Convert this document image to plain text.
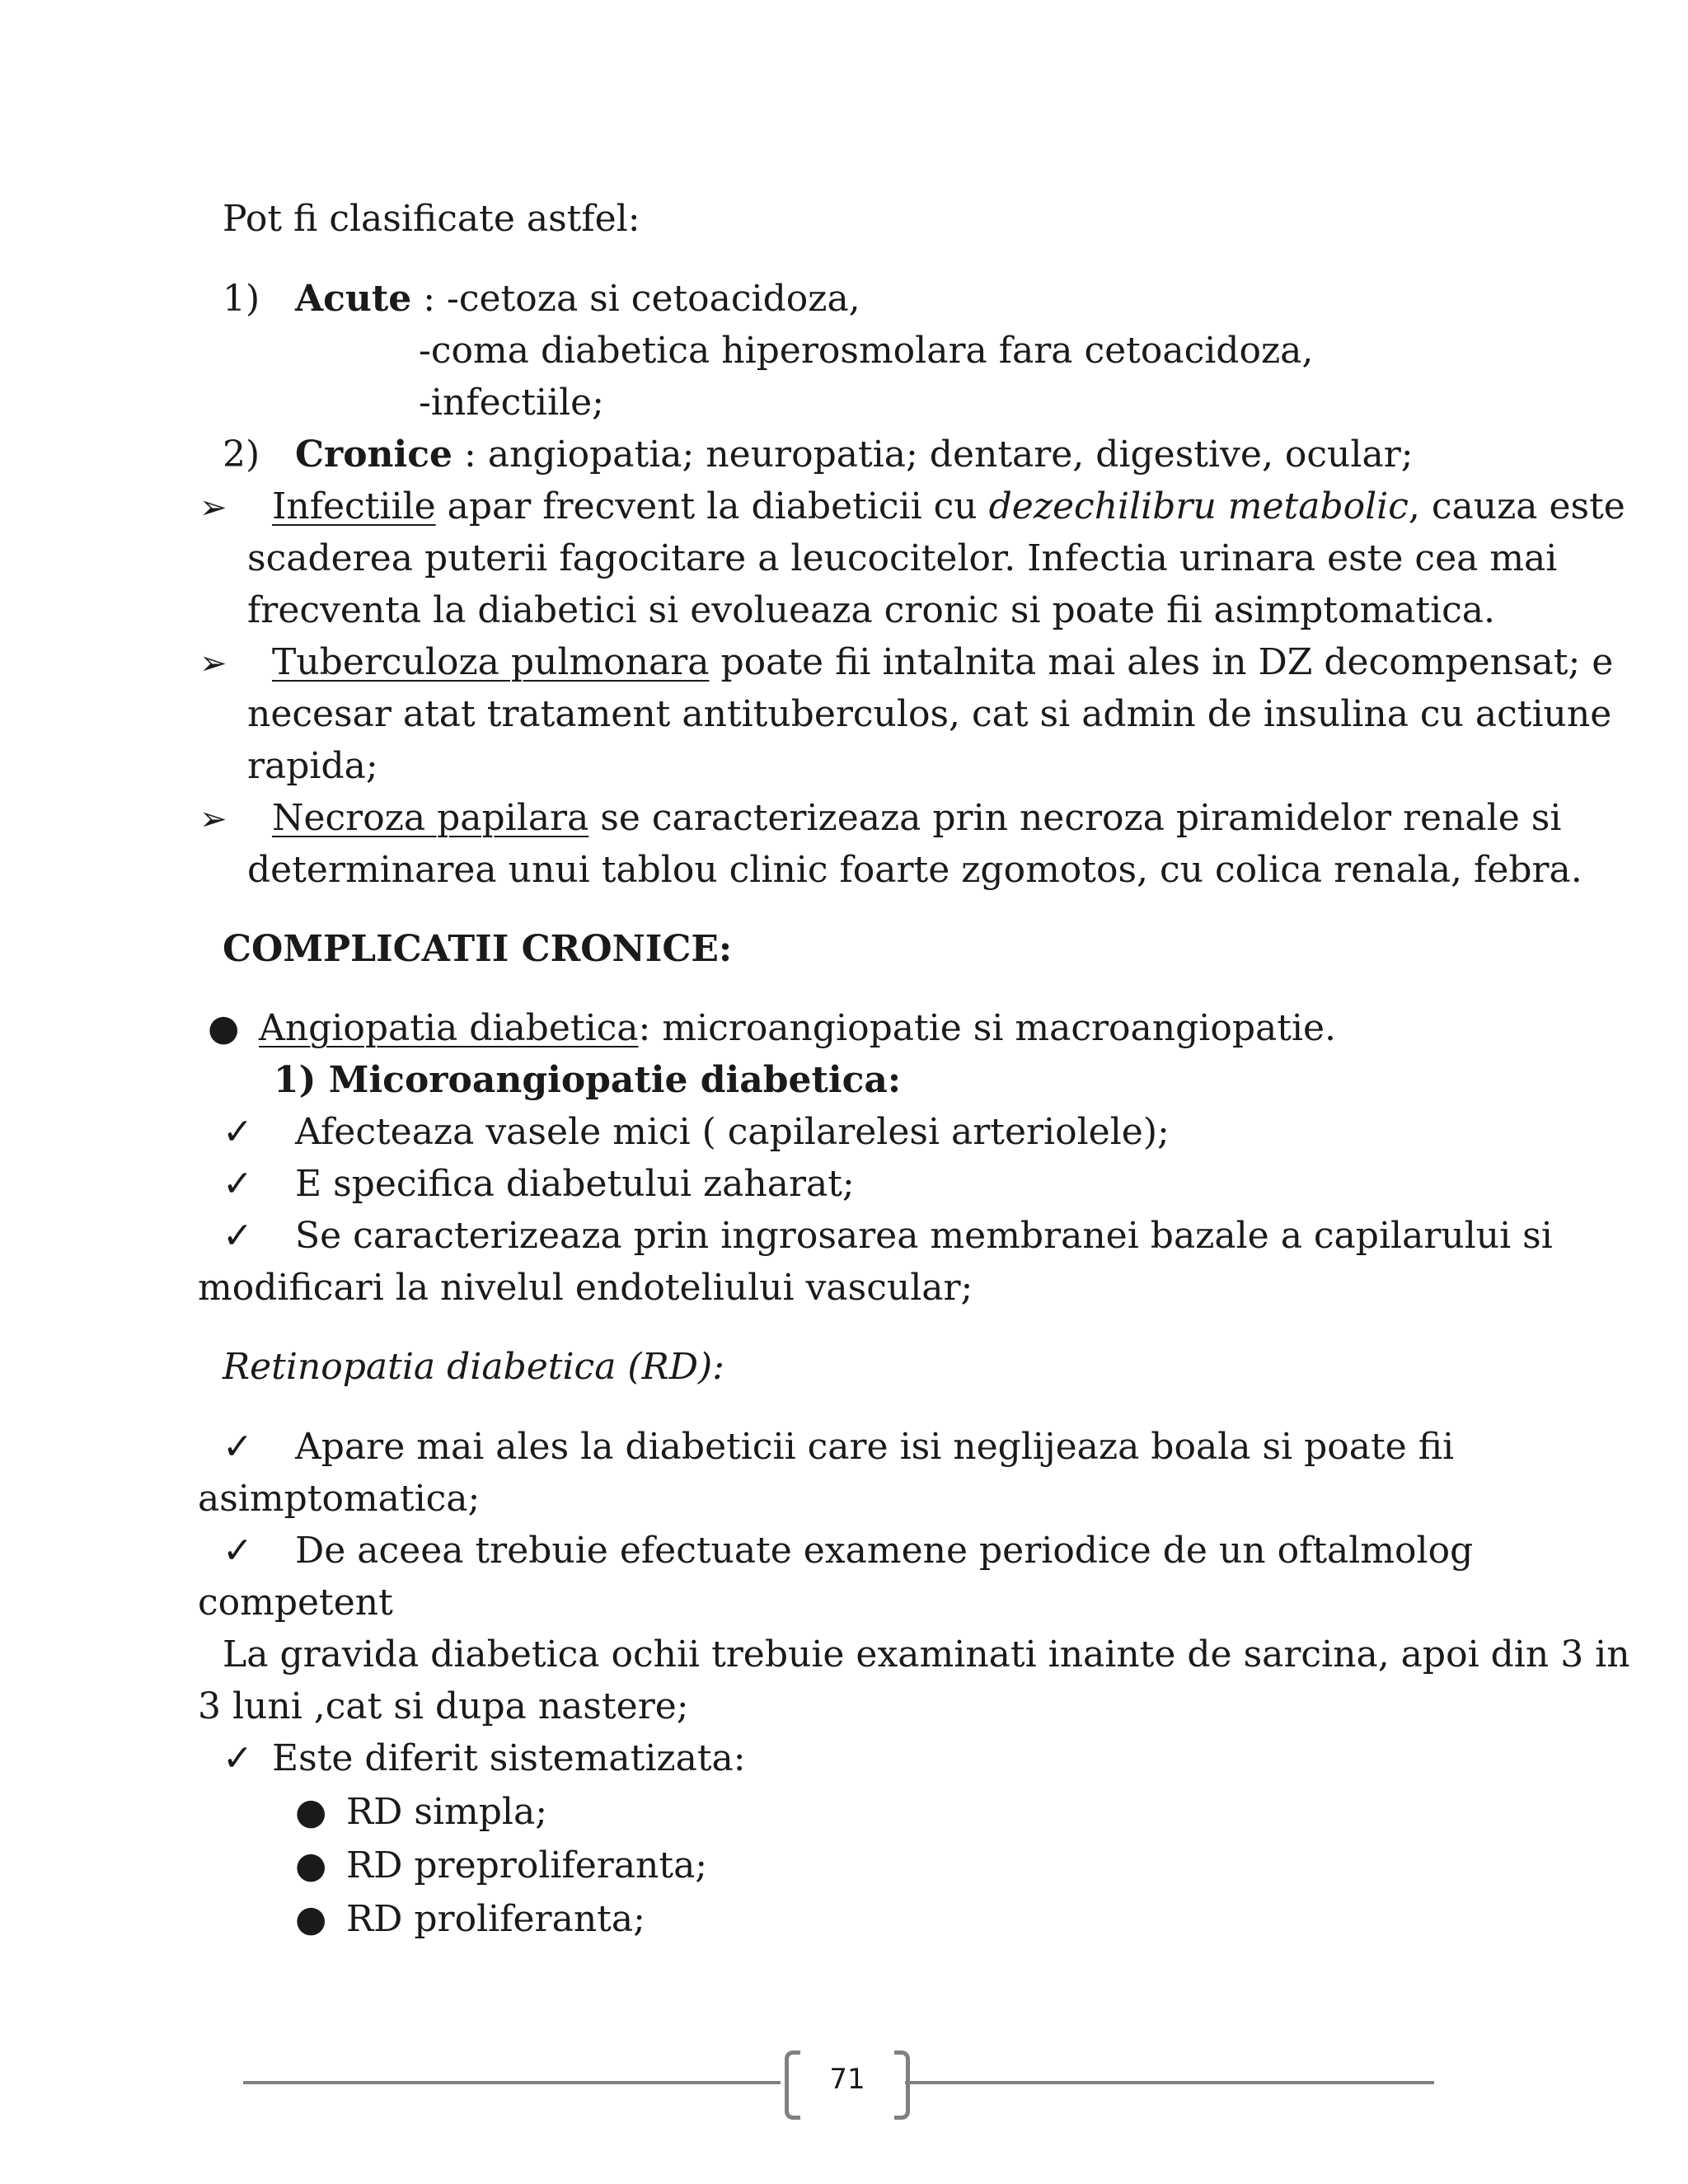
Pot fi clasificate astfel:
1) Acute : -cetoza si cetoacidoza,
-coma diabetica hiperosmolara fara cetoacidoza,
-infectiile;
2) Cronice : angiopatia; neuropatia; dentare, digestive, ocular;
➢ Infectiile apar frecvent la diabeticii cu dezechilibru metabolic, cauza este
scaderea puterii fagocitare a leucocitelor. Infectia urinara este cea mai
frecventa la diabetici si evolueaza cronic si poate fii asimptomatica.
➢ Tuberculoza pulmonara poate fii intalnita mai ales in DZ decompensat; e
necesar atat tratament antituberculos, cat si admin de insulina cu actiune
rapida;
➢	Necroza papilara se caracterizeaza prin necroza piramidelor renale si
determinarea unui tablou clinic foarte zgomotos, cu colica renala, febra.
COMPLICATII CRONICE:
● Angiopatia diabetica: microangiopatie si macroangiopatie.
1) Micoroangiopatie diabetica:
✓ Afecteaza vasele mici ( capilarelesi arteriolele);
✓ E specifica diabetului zaharat;
✓ Se caracterizeaza prin ingrosarea membranei bazale a capilarului si
modificari la nivelul endoteliului vascular;
Retinopatia diabetica (RD):
✓ Apare mai ales la diabeticii care isi neglijeaza boala si poate fii
asimptomatica;
✓ De aceea trebuie efectuate examene periodice de un oftalmolog
competent
La gravida diabetica ochii trebuie examinati inainte de sarcina, apoi din 3 in
3 luni ,cat si dupa nastere;
✓ Este diferit sistematizata:
● RD simpla;
● RD preproliferanta;
● RD proliferanta;
71
